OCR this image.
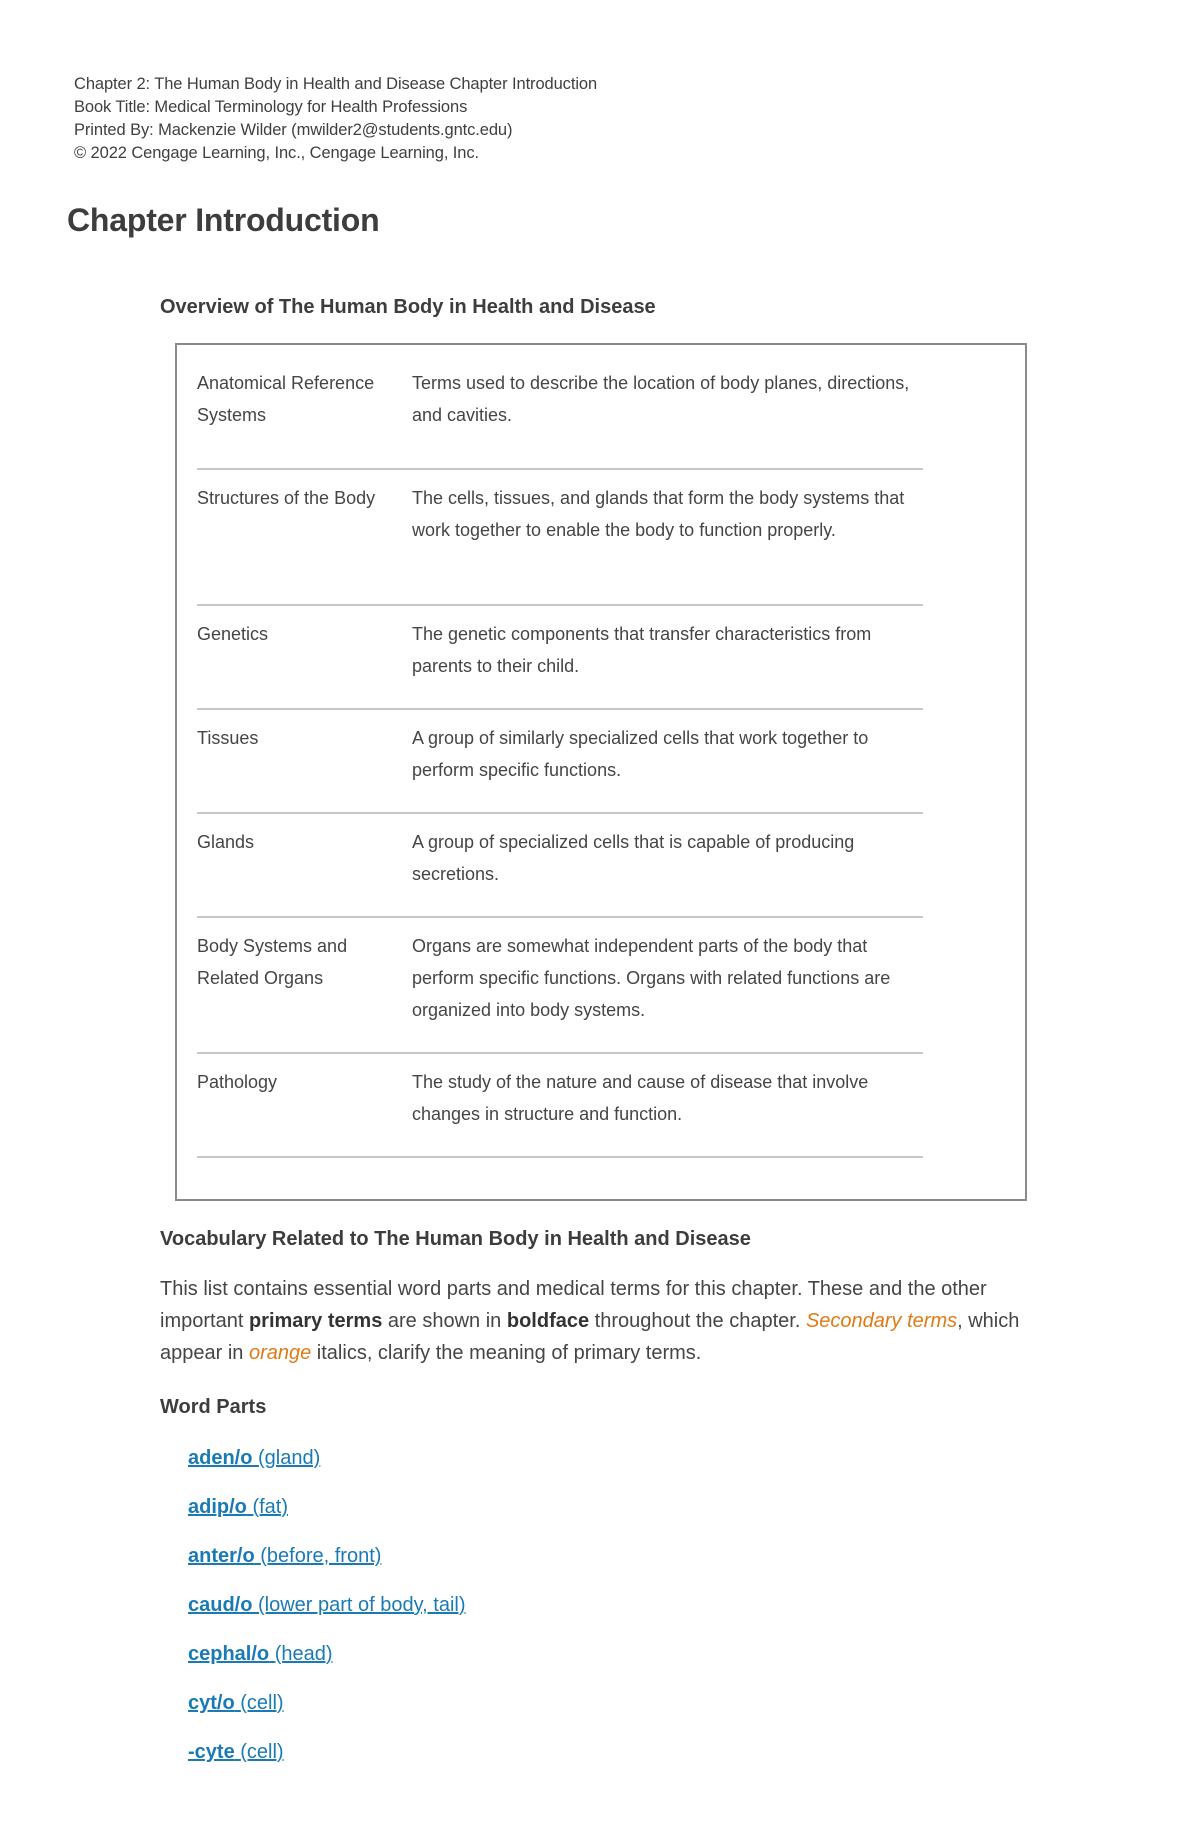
Chapter 2: The Human Body in Health and Disease Chapter Introduction
Book Title: Medical Terminology for Health Professions
Printed By: Mackenzie Wilder (mwilder2@students.gntc.edu)
© 2022 Cengage Learning, Inc., Cengage Learning, Inc.
Chapter Introduction
Overview of The Human Body in Health and Disease
Anatomical Reference Systems	Terms used to describe the location of body planes, directions, and cavities.
Structures of the Body	The cells, tissues, and glands that form the body systems that work together to enable the body to function properly.
Genetics	The genetic components that transfer characteristics from parents to their child.
Tissues	A group of similarly specialized cells that work together to perform specific functions.
Glands	A group of specialized cells that is capable of producing secretions.
Body Systems and Related Organs	Organs are somewhat independent parts of the body that perform specific functions. Organs with related functions are organized into body systems.
Pathology	The study of the nature and cause of disease that involve changes in structure and function.
Vocabulary Related to The Human Body in Health and Disease

This list contains essential word parts and medical terms for this chapter. These and the other important primary terms are shown in boldface throughout the chapter. Secondary terms, which appear in orange italics, clarify the meaning of primary terms.

Word Parts
aden/o (gland)
adip/o (fat)
anter/o (before, front)
caud/o (lower part of body, tail)
cephal/o (head)
cyt/o (cell)
-cyte (cell)
